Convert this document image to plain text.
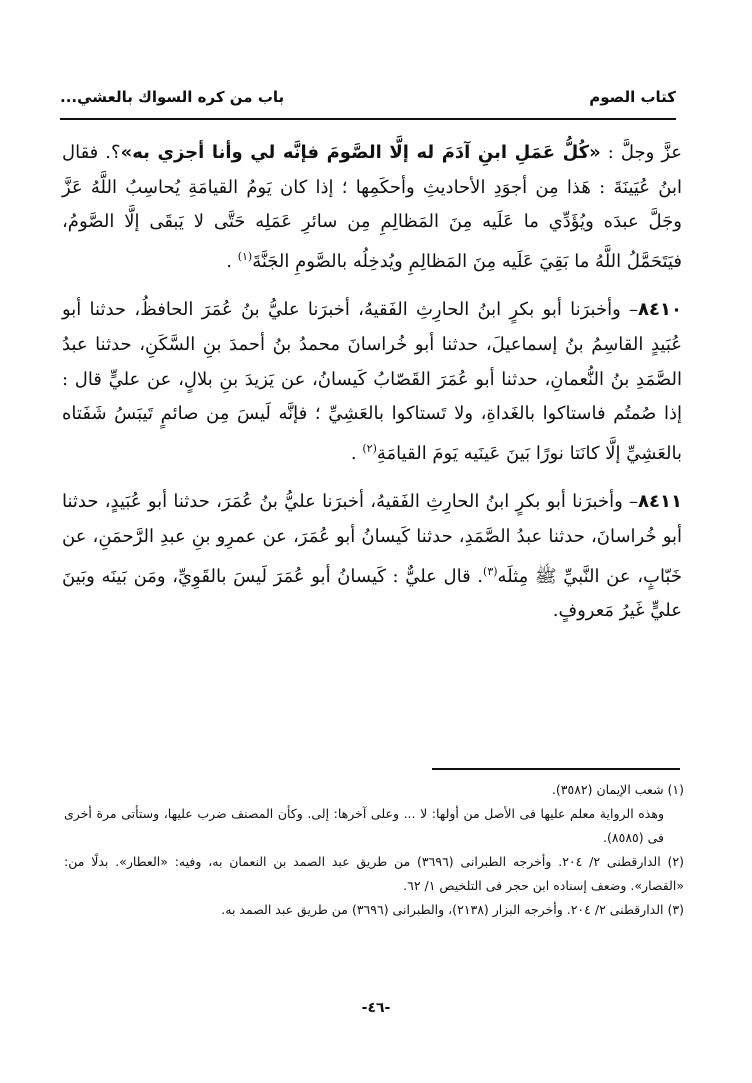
كتاب الصوم
باب من كره السواك بالعشي...

عزَّ وجلَّ : «كُلُّ عَمَلِ ابنِ آدَمَ له إلَّا الصَّومَ فإنَّه لي وأنا أجزي به»؟. فقال ابنُ عُيَينَةَ : هَذا مِن أجوَدِ الأحاديثِ وأحكَمِها ؛ إذا كان يَومُ القيامَةِ يُحاسِبُ اللَّهُ عَزَّ وجَلَّ عبدَه ويُؤَدِّي ما عَلَيه مِنَ المَظالِمِ مِن سائرِ عَمَلِه حَتَّى لا يَبقَى إلَّا الصَّومُ، فيَتَحَمَّلُ اللَّهُ ما بَقِيَ عَلَيه مِنَ المَظالِمِ ويُدخِلُه بالصَّومِ الجَنَّةَ$^{(١)}$ .

٨٤١٠– وأخبرَنا أبو بكرٍ ابنُ الحارِثِ الفَقيهُ، أخبرَنا عليُّ بنُ عُمَرَ الحافظُ، حدثنا أبو عُبَيدٍ القاسِمُ بنُ إسماعيلَ، حدثنا أبو خُراسانَ محمدُ بنُ أحمدَ بنِ السَّكَنِ، حدثنا عبدُ الصَّمَدِ بنُ النُّعمانِ، حدثنا أبو عُمَرَ القَصّابُ كَيسانُ، عن يَزيدَ بنِ بلالٍ، عن عليٍّ قال : إذا صُمتُم فاستاكوا بالغَداةِ، ولا تَستاكوا بالعَشِيِّ ؛ فإنَّه لَيسَ مِن صائمٍ تَيبَسُ شَفَتاه بالعَشِيِّ إلَّا كانَتا نورًا بَينَ عَينَيه يَومَ القيامَةِ$^{(٢)}$ .

٨٤١١– وأخبرَنا أبو بكرٍ ابنُ الحارِثِ الفَقيهُ، أخبرَنا عليُّ بنُ عُمَرَ، حدثنا أبو عُبَيدٍ، حدثنا أبو خُراسانَ، حدثنا عبدُ الصَّمَدِ، حدثنا كَيسانُ أبو عُمَرَ، عن عمرِو بنِ عبدِ الرَّحمَنِ، عن خَبّابٍ، عن النَّبيِّ ﷺ مِثلَه$^{(٣)}$. قال عليٌّ : كَيسانُ أبو عُمَرَ لَيسَ بالقَوِيِّ، ومَن بَينَه وبَينَ عليٍّ غَيرُ مَعروفٍ.

(١) شعب الإيمان (٣٥٨٢).

وهذه الرواية معلم عليها فى الأصل من أولها: لا ... وعلى آخرها: إلى. وكأن المصنف ضرب عليها، وستأتى مرة أخرى فى (٨٥٨٥).

(٢) الدارقطنى ٢/ ٢٠٤. وأخرجه الطبرانى (٣٦٩٦) من طريق عبد الصمد بن النعمان به، وفيه: «العطار». بدلًا من: «القصار». وضعف إسناده ابن حجر فى التلخيص ١/ ٦٢.

(٣) الدارقطنى ٢/ ٢٠٤. وأخرجه البزار (٢١٣٨)، والطبرانى (٣٦٩٦) من طريق عبد الصمد به.

-٤٦-
